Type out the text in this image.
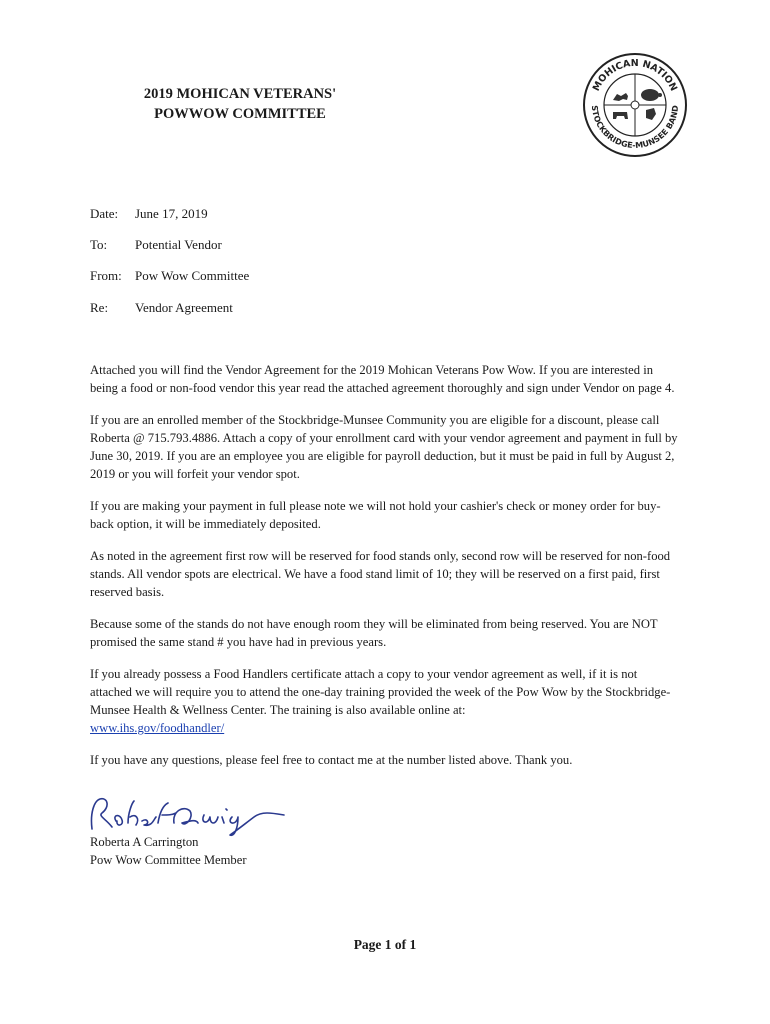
2019 MOHICAN VETERANS'
POWWOW COMMITTEE
MOHICAN NATION
STOCKBRIDGE-MUNSEE BAND
Date: June 17, 2019
To: Potential Vendor
From: Pow Wow Committee
Re: Vendor Agreement

Attached you will find the Vendor Agreement for the 2019 Mohican Veterans Pow Wow. If you are interested in being a food or non-food vendor this year read the attached agreement thoroughly and sign under Vendor on page 4.

If you are an enrolled member of the Stockbridge-Munsee Community you are eligible for a discount, please call Roberta @ 715.793.4886. Attach a copy of your enrollment card with your vendor agreement and payment in full by June 30, 2019. If you are an employee you are eligible for payroll deduction, but it must be paid in full by August 2, 2019 or you will forfeit your vendor spot.

If you are making your payment in full please note we will not hold your cashier's check or money order for buy-back option, it will be immediately deposited.

As noted in the agreement first row will be reserved for food stands only, second row will be reserved for non-food stands. All vendor spots are electrical. We have a food stand limit of 10; they will be reserved on a first paid, first reserved basis.

Because some of the stands do not have enough room they will be eliminated from being reserved. You are NOT promised the same stand # you have had in previous years.

If you already possess a Food Handlers certificate attach a copy to your vendor agreement as well, if it is not attached we will require you to attend the one-day training provided the week of the Pow Wow by the Stockbridge-Munsee Health & Wellness Center. The training is also available online at:
www.ihs.gov/foodhandler/

If you have any questions, please feel free to contact me at the number listed above. Thank you.

Roberta A Carrington
Pow Wow Committee Member
Page 1 of 1
